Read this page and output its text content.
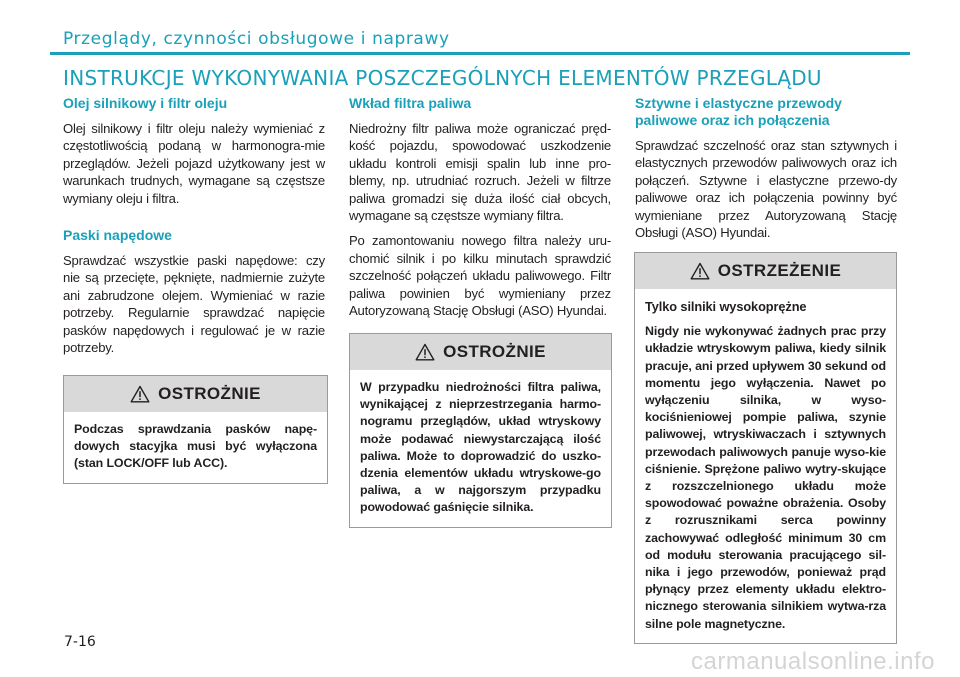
Przeglądy, czynności obsługowe i naprawy
INSTRUKCJE WYKONYWANIA POSZCZEGÓLNYCH ELEMENTÓW PRZEGLĄDU
Olej silnikowy i filtr oleju

Olej silnikowy i filtr oleju należy wymieniać z częstotliwością podaną w harmonogra-mie przeglądów. Jeżeli pojazd użytkowany jest w warunkach trudnych, wymagane są częstsze wymiany oleju i filtra.

Paski napędowe

Sprawdzać wszystkie paski napędowe: czy nie są przecięte, pęknięte, nadmiernie zużyte ani zabrudzone olejem. Wymieniać w razie potrzeby. Regularnie sprawdzać napięcie pasków napędowych i regulować je w razie potrzeby.

OSTROŻNIE

Podczas sprawdzania pasków napę-dowych stacyjka musi być wyłączona (stan LOCK/OFF lub ACC).

Wkład filtra paliwa

Niedrożny filtr paliwa może ograniczać pręd-kość pojazdu, spowodować uszkodzenie układu kontroli emisji spalin lub inne pro-blemy, np. utrudniać rozruch. Jeżeli w filtrze paliwa gromadzi się duża ilość ciał obcych, wymagane są częstsze wymiany filtra.

Po zamontowaniu nowego filtra należy uru-chomić silnik i po kilku minutach sprawdzić szczelność połączeń układu paliwowego. Filtr paliwa powinien być wymieniany przez Autoryzowaną Stację Obsługi (ASO) Hyundai.

OSTROŻNIE

W przypadku niedrożności filtra paliwa, wynikającej z nieprzestrzegania harmo-nogramu przeglądów, układ wtryskowy może podawać niewystarczającą ilość paliwa. Może to doprowadzić do uszko-dzenia elementów układu wtryskowe-go paliwa, a w najgorszym przypadku powodować gaśnięcie silnika.

Sztywne i elastyczne przewody paliwowe oraz ich połączenia

Sprawdzać szczelność oraz stan sztywnych i elastycznych przewodów paliwowych oraz ich połączeń. Sztywne i elastyczne przewo-dy paliwowe oraz ich połączenia powinny być wymieniane przez Autoryzowaną Stację Obsługi (ASO) Hyundai.

OSTRZEŻENIE
Tylko silniki wysokoprężne

Nigdy nie wykonywać żadnych prac przy układzie wtryskowym paliwa, kiedy silnik pracuje, ani przed upływem 30 sekund od momentu jego wyłączenia. Nawet po wyłączeniu silnika, w wyso-kociśnieniowej pompie paliwa, szynie paliwowej, wtryskiwaczach i sztywnych przewodach paliwowych panuje wyso-kie ciśnienie. Sprężone paliwo wytry-skujące z rozszczelnionego układu może spowodować poważne obrażenia. Osoby z rozrusznikami serca powinny zachowywać odległość minimum 30 cm od modułu sterowania pracującego sil-nika i jego przewodów, ponieważ prąd płynący przez elementy układu elektro-nicznego sterowania silnikiem wytwa-rza silne pole magnetyczne.

7-16
carmanualsonline.info
